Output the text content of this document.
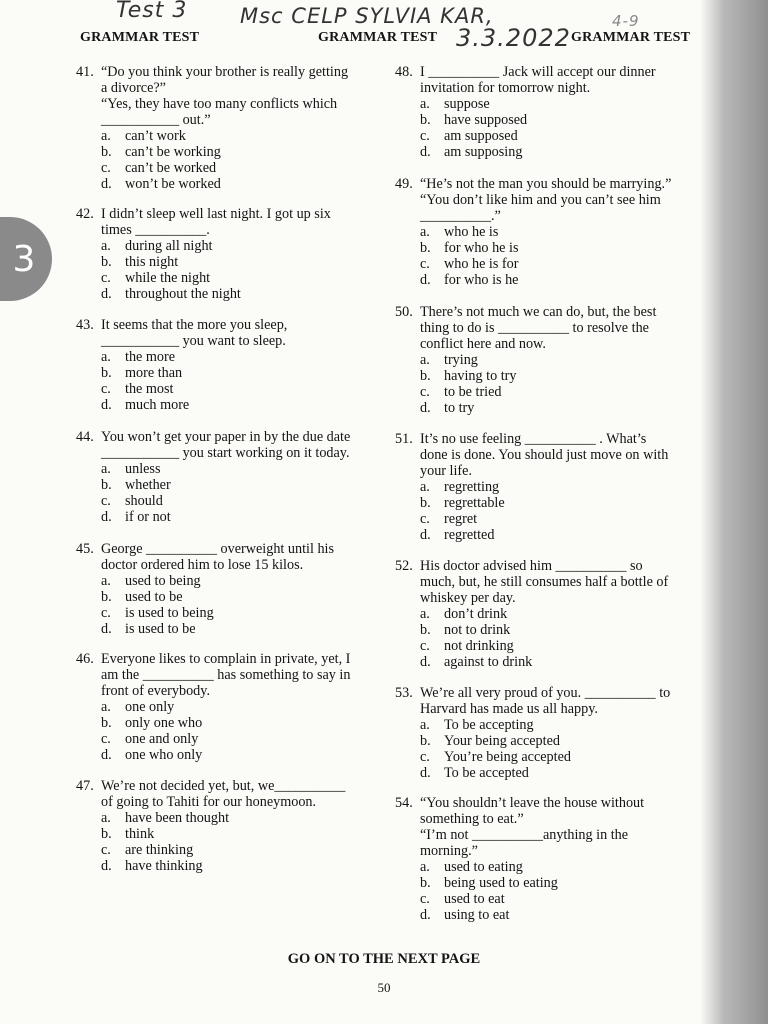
Test 3	Msc CELP SYLVIA KAR,
3.3.2022
4-9
GRAMMAR TEST	GRAMMAR TEST	GRAMMAR TEST
3
41. “Do you think your brother is really getting
a divorce?”
“Yes, they have too many conflicts which
___________ out.”
a. can’t work
b. can’t be working
c. can’t be worked
d. won’t be worked
42. I didn’t sleep well last night. I got up six
times __________.
a. during all night
b. this night
c. while the night
d. throughout the night
43. It seems that the more you sleep,
___________ you want to sleep.
a. the more
b. more than
c. the most
d. much more
44. You won’t get your paper in by the due date
___________ you start working on it today.
a. unless
b. whether
c. should
d. if or not
45. George __________ overweight until his
doctor ordered him to lose 15 kilos.
a. used to being
b. used to be
c. is used to being
d. is used to be
46. Everyone likes to complain in private, yet, I
am the __________ has something to say in
front of everybody.
a. one only
b. only one who
c. one and only
d. one who only
47. We’re not decided yet, but, we__________
of going to Tahiti for our honeymoon.
a. have been thought
b. think
c. are thinking
d. have thinking
48. I __________ Jack will accept our dinner
invitation for tomorrow night.
a. suppose
b. have supposed
c. am supposed
d. am supposing
49. “He’s not the man you should be marrying.”
“You don’t like him and you can’t see him
__________.”
a. who he is
b. for who he is
c. who he is for
d. for who is he
50. There’s not much we can do, but, the best
thing to do is __________ to resolve the
conflict here and now.
a. trying
b. having to try
c. to be tried
d. to try
51. It’s no use feeling __________ . What’s
done is done. You should just move on with
your life.
a. regretting
b. regrettable
c. regret
d. regretted
52. His doctor advised him __________ so
much, but, he still consumes half a bottle of
whiskey per day.
a. don’t drink
b. not to drink
c. not drinking
d. against to drink
53. We’re all very proud of you. __________ to
Harvard has made us all happy.
a. To be accepting
b. Your being accepted
c. You’re being accepted
d. To be accepted
54. “You shouldn’t leave the house without
something to eat.”
“I’m not __________anything in the
morning.”
a. used to eating
b. being used to eating
c. used to eat
d. using to eat
GO ON TO THE NEXT PAGE
50
